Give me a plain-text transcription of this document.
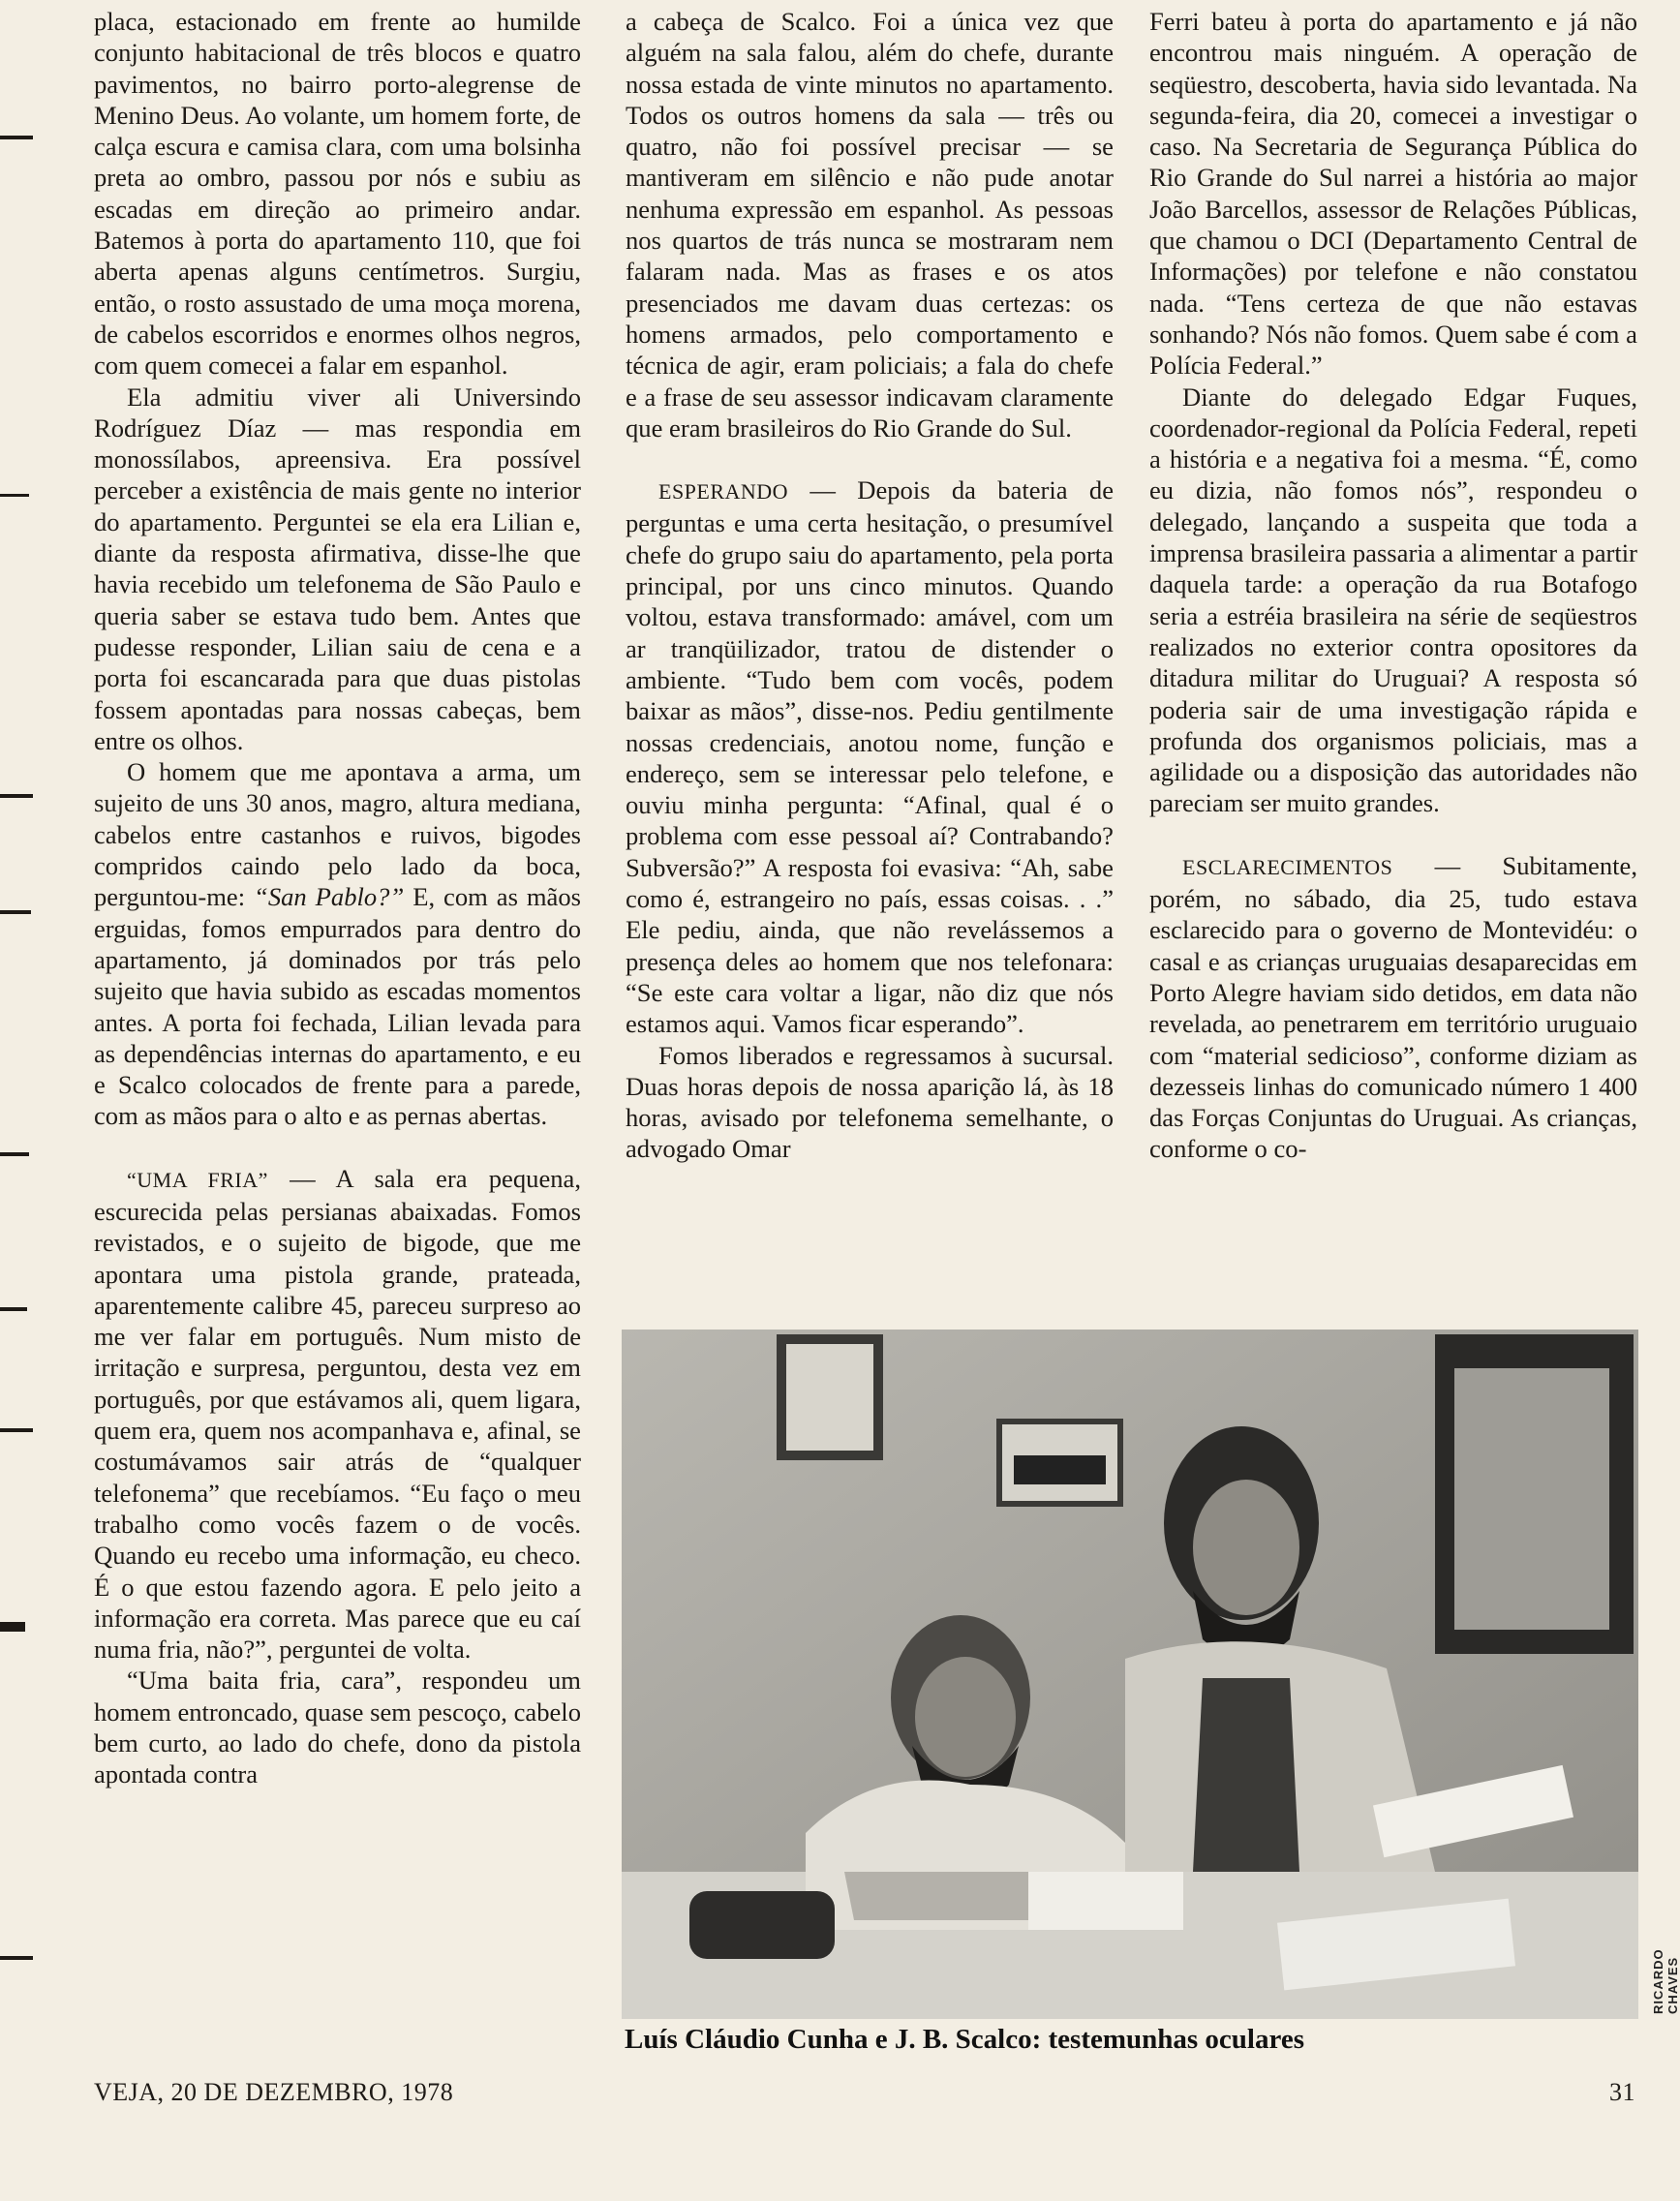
placa, estacionado em frente ao humilde conjunto habitacional de três blocos e quatro pavimentos, no bairro porto-alegrense de Menino Deus. Ao volante, um homem forte, de calça escura e camisa clara, com uma bolsinha preta ao ombro, passou por nós e subiu as escadas em direção ao primeiro andar. Batemos à porta do apartamento 110, que foi aberta apenas alguns centímetros. Surgiu, então, o rosto assustado de uma moça morena, de cabelos escorridos e enormes olhos negros, com quem comecei a falar em espanhol.

Ela admitiu viver ali Universindo Rodríguez Díaz — mas respondia em monossílabos, apreensiva. Era possível perceber a existência de mais gente no interior do apartamento. Perguntei se ela era Lilian e, diante da resposta afirmativa, disse-lhe que havia recebido um telefonema de São Paulo e queria saber se estava tudo bem. Antes que pudesse responder, Lilian saiu de cena e a porta foi escancarada para que duas pistolas fossem apontadas para nossas cabeças, bem entre os olhos.

O homem que me apontava a arma, um sujeito de uns 30 anos, magro, altura mediana, cabelos entre castanhos e ruivos, bigodes compridos caindo pelo lado da boca, perguntou-me: “San Pablo?” E, com as mãos erguidas, fomos empurrados para dentro do apartamento, já dominados por trás pelo sujeito que havia subido as escadas momentos antes. A porta foi fechada, Lilian levada para as dependências internas do apartamento, e eu e Scalco colocados de frente para a parede, com as mãos para o alto e as pernas abertas.

“UMA FRIA” — A sala era pequena, escurecida pelas persianas abaixadas. Fomos revistados, e o sujeito de bigode, que me apontara uma pistola grande, prateada, aparentemente calibre 45, pareceu surpreso ao me ver falar em português. Num misto de irritação e surpresa, perguntou, desta vez em português, por que estávamos ali, quem ligara, quem era, quem nos acompanhava e, afinal, se costumávamos sair atrás de “qualquer telefonema” que recebíamos. “Eu faço o meu trabalho como vocês fazem o de vocês. Quando eu recebo uma informação, eu checo. É o que estou fazendo agora. E pelo jeito a informação era correta. Mas parece que eu caí numa fria, não?”, perguntei de volta.

“Uma baita fria, cara”, respondeu um homem entroncado, quase sem pescoço, cabelo bem curto, ao lado do chefe, dono da pistola apontada contra

a cabeça de Scalco. Foi a única vez que alguém na sala falou, além do chefe, durante nossa estada de vinte minutos no apartamento. Todos os outros homens da sala — três ou quatro, não foi possível precisar — se mantiveram em silêncio e não pude anotar nenhuma expressão em espanhol. As pessoas nos quartos de trás nunca se mostraram nem falaram nada. Mas as frases e os atos presenciados me davam duas certezas: os homens armados, pelo comportamento e técnica de agir, eram policiais; a fala do chefe e a frase de seu assessor indicavam claramente que eram brasileiros do Rio Grande do Sul.

ESPERANDO — Depois da bateria de perguntas e uma certa hesitação, o presumível chefe do grupo saiu do apartamento, pela porta principal, por uns cinco minutos. Quando voltou, estava transformado: amável, com um ar tranqüilizador, tratou de distender o ambiente. “Tudo bem com vocês, podem baixar as mãos”, disse-nos. Pediu gentilmente nossas credenciais, anotou nome, função e endereço, sem se interessar pelo telefone, e ouviu minha pergunta: “Afinal, qual é o problema com esse pessoal aí? Contrabando? Subversão?” A resposta foi evasiva: “Ah, sabe como é, estrangeiro no país, essas coisas. . .” Ele pediu, ainda, que não revelássemos a presença deles ao homem que nos telefonara: “Se este cara voltar a ligar, não diz que nós estamos aqui. Vamos ficar esperando”.

Fomos liberados e regressamos à sucursal. Duas horas depois de nossa aparição lá, às 18 horas, avisado por telefonema semelhante, o advogado Omar

Ferri bateu à porta do apartamento e já não encontrou mais ninguém. A operação de seqüestro, descoberta, havia sido levantada. Na segunda-feira, dia 20, comecei a investigar o caso. Na Secretaria de Segurança Pública do Rio Grande do Sul narrei a história ao major João Barcellos, assessor de Relações Públicas, que chamou o DCI (Departamento Central de Informações) por telefone e não constatou nada. “Tens certeza de que não estavas sonhando? Nós não fomos. Quem sabe é com a Polícia Federal.”

Diante do delegado Edgar Fuques, coordenador-regional da Polícia Federal, repeti a história e a negativa foi a mesma. “É, como eu dizia, não fomos nós”, respondeu o delegado, lançando a suspeita que toda a imprensa brasileira passaria a alimentar a partir daquela tarde: a operação da rua Botafogo seria a estréia brasileira na série de seqüestros realizados no exterior contra opositores da ditadura militar do Uruguai? A resposta só poderia sair de uma investigação rápida e profunda dos organismos policiais, mas a agilidade ou a disposição das autoridades não pareciam ser muito grandes.

ESCLARECIMENTOS — Subitamente, porém, no sábado, dia 25, tudo estava esclarecido para o governo de Montevidéu: o casal e as crianças uruguaias desaparecidas em Porto Alegre haviam sido detidos, em data não revelada, ao penetrarem em território uruguaio com “material sedicioso”, conforme diziam as dezesseis linhas do comunicado número 1 400 das Forças Conjuntas do Uruguai. As crianças, conforme o co-

RICARDO CHAVES
Luís Cláudio Cunha e J. B. Scalco: testemunhas oculares
VEJA, 20 DE DEZEMBRO, 1978	31
